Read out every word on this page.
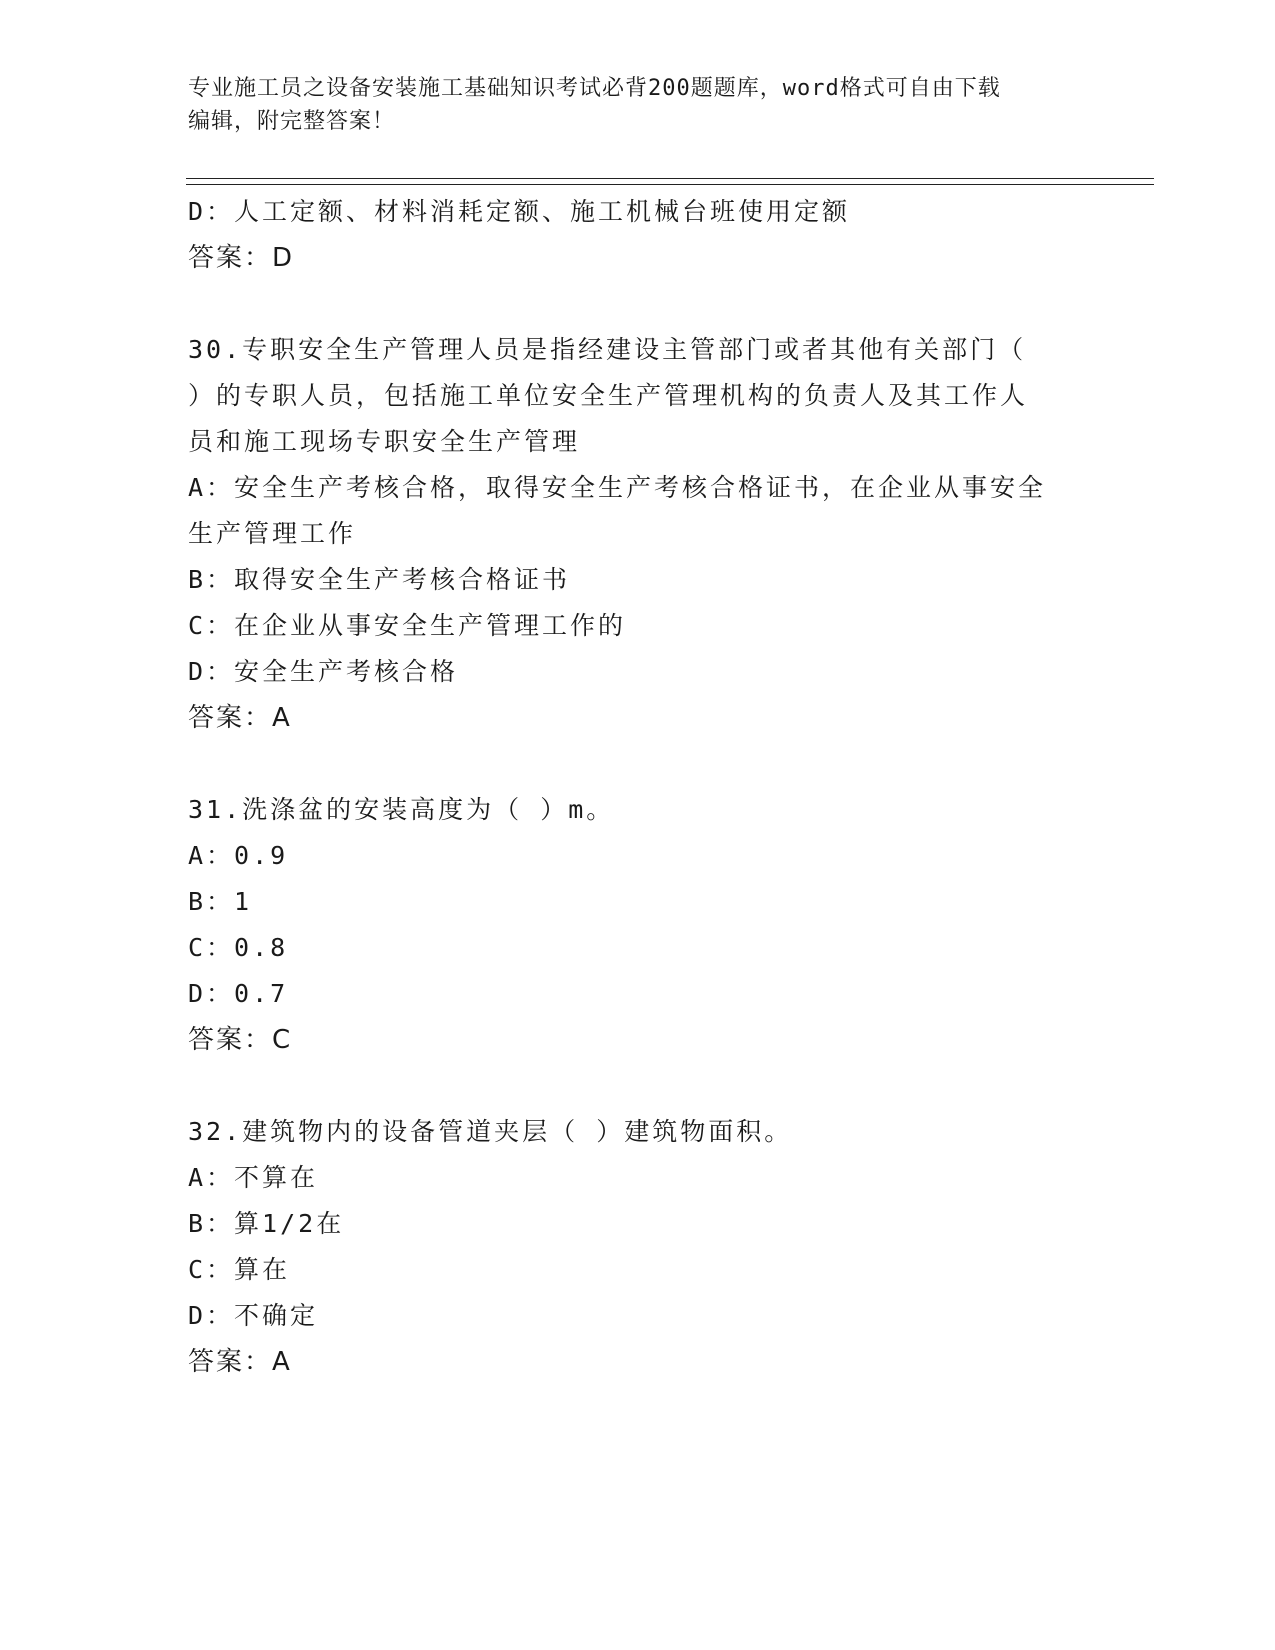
专业施工员之设备安装施工基础知识考试必背200题题库，word格式可自由下载
编辑，附完整答案！
D：人工定额、材料消耗定额、施工机械台班使用定额
答案：D
30.专职安全生产管理人员是指经建设主管部门或者其他有关部门（
）的专职人员，包括施工单位安全生产管理机构的负责人及其工作人
员和施工现场专职安全生产管理
A：安全生产考核合格，取得安全生产考核合格证书，在企业从事安全
生产管理工作
B：取得安全生产考核合格证书
C：在企业从事安全生产管理工作的
D：安全生产考核合格
答案：A
31.洗涤盆的安装高度为（ ）m。
A：0.9
B：1
C：0.8
D：0.7
答案：C
32.建筑物内的设备管道夹层（ ）建筑物面积。
A：不算在
B：算1/2在
C：算在
D：不确定
答案：A
